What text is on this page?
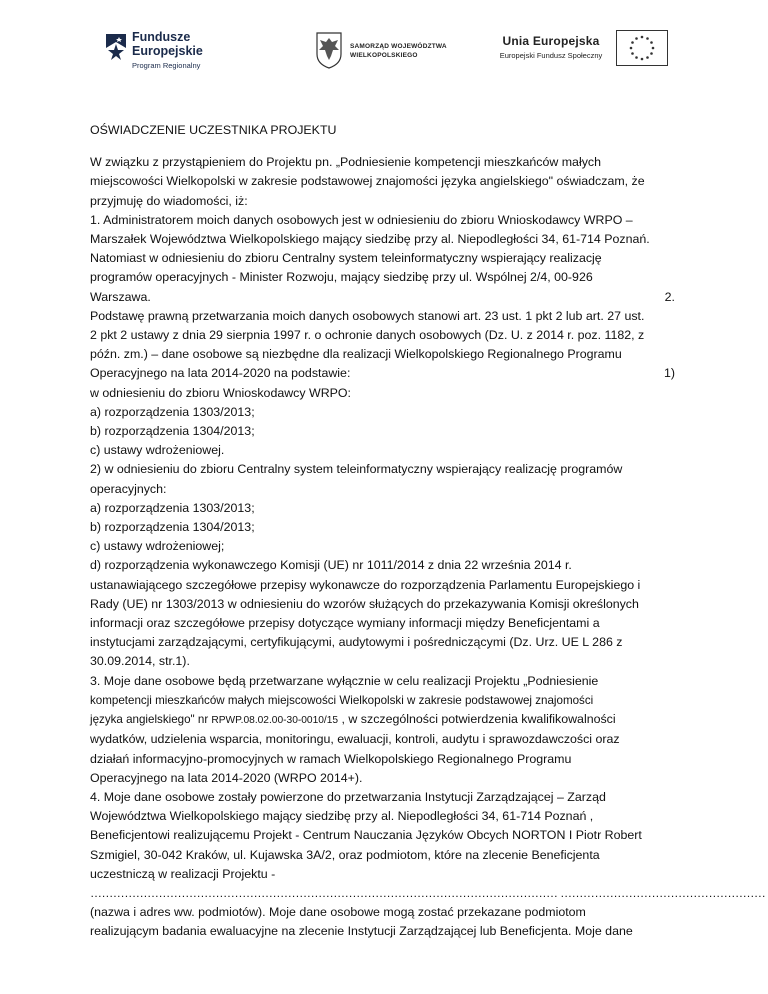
Fundusze
Europejskie
Program Regionalny
SAMORZĄD WOJEWÓDZTWA
WIELKOPOLSKIEGO
Unia Europejska
Europejski Fundusz Społeczny
OŚWIADCZENIE UCZESTNIKA PROJEKTU
W związku z przystąpieniem do Projektu pn. „Podniesienie kompetencji mieszkańców małych
miejscowości Wielkopolski w zakresie podstawowej znajomości języka angielskiego" oświadczam, że
przyjmuję do wiadomości, iż:
1. Administratorem moich danych osobowych jest w odniesieniu do zbioru Wnioskodawcy WRPO –
Marszałek Województwa Wielkopolskiego mający siedzibę przy al. Niepodległości 34, 61-714 Poznań.
Natomiast w odniesieniu do zbioru Centralny system teleinformatyczny wspierający realizację
programów operacyjnych - Minister Rozwoju, mający siedzibę przy ul. Wspólnej 2/4, 00-926
Warszawa.	2.
Podstawę prawną przetwarzania moich danych osobowych stanowi art. 23 ust. 1 pkt 2 lub art. 27 ust.
2 pkt 2 ustawy z dnia 29 sierpnia 1997 r. o ochronie danych osobowych (Dz. U. z 2014 r. poz. 1182, z
późn. zm.) – dane osobowe są niezbędne dla realizacji Wielkopolskiego Regionalnego Programu
Operacyjnego na lata 2014-2020 na podstawie:	1)
w odniesieniu do zbioru Wnioskodawcy WRPO:
a) rozporządzenia 1303/2013;
b) rozporządzenia 1304/2013;
c) ustawy wdrożeniowej.
2) w odniesieniu do zbioru Centralny system teleinformatyczny wspierający realizację programów
operacyjnych:
a) rozporządzenia 1303/2013;
b) rozporządzenia 1304/2013;
c) ustawy wdrożeniowej;
d) rozporządzenia wykonawczego Komisji (UE) nr 1011/2014 z dnia 22 września 2014 r.
ustanawiającego szczegółowe przepisy wykonawcze do rozporządzenia Parlamentu Europejskiego i
Rady (UE) nr 1303/2013 w odniesieniu do wzorów służących do przekazywania Komisji określonych
informacji oraz szczegółowe przepisy dotyczące wymiany informacji między Beneficjentami a
instytucjami zarządzającymi, certyfikującymi, audytowymi i pośredniczącymi (Dz. Urz. UE L 286 z
30.09.2014, str.1).
3. Moje dane osobowe będą przetwarzane wyłącznie w celu realizacji Projektu „Podniesienie
kompetencji mieszkańców małych miejscowości Wielkopolski w zakresie podstawowej znajomości
języka angielskiego" nr RPWP.08.02.00-30-0010/15 , w szczególności potwierdzenia kwalifikowalności
wydatków, udzielenia wsparcia, monitoringu, ewaluacji, kontroli, audytu i sprawozdawczości oraz
działań informacyjno-promocyjnych w ramach Wielkopolskiego Regionalnego Programu
Operacyjnego na lata 2014-2020 (WRPO 2014+).
4. Moje dane osobowe zostały powierzone do przetwarzania Instytucji Zarządzającej – Zarząd
Województwa Wielkopolskiego mający siedzibę przy al. Niepodległości 34, 61-714 Poznań ,
Beneficjentowi realizującemu Projekt - Centrum Nauczania Języków Obcych NORTON I Piotr Robert
Szmigiel, 30-042 Kraków, ul. Kujawska 3A/2, oraz podmiotom, które na zlecenie Beneficjenta
uczestniczą w realizacji Projektu -
…………………………………………………………………………………………………………… ………………………………………………
(nazwa i adres ww. podmiotów). Moje dane osobowe mogą zostać przekazane podmiotom
realizującym badania ewaluacyjne na zlecenie Instytucji Zarządzającej lub Beneficjenta. Moje dane
